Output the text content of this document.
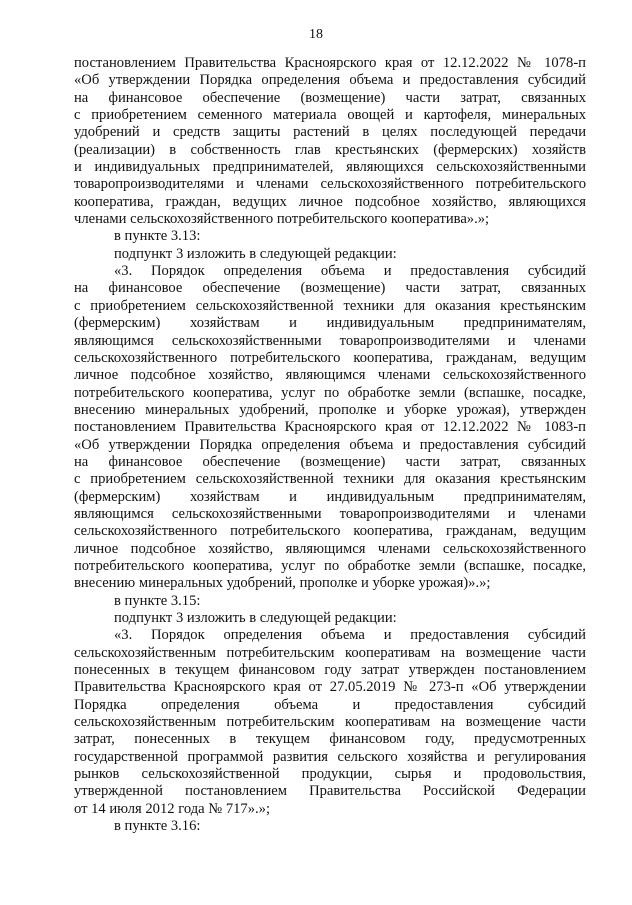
18
постановлением Правительства Красноярского края от 12.12.2022 № 1078-п
«Об утверждении Порядка определения объема и предоставления субсидий
на финансовое обеспечение (возмещение) части затрат, связанных
с приобретением семенного материала овощей и картофеля, минеральных
удобрений и средств защиты растений в целях последующей передачи
(реализации) в собственность глав крестьянских (фермерских) хозяйств
и индивидуальных предпринимателей, являющихся сельскохозяйственными
товаропроизводителями и членами сельскохозяйственного потребительского
кооператива, граждан, ведущих личное подсобное хозяйство, являющихся
членами сельскохозяйственного потребительского кооператива».»;
в пункте 3.13:
подпункт 3 изложить в следующей редакции:
«3. Порядок определения объема и предоставления субсидий
на финансовое обеспечение (возмещение) части затрат, связанных
с приобретением сельскохозяйственной техники для оказания крестьянским
(фермерским) хозяйствам и индивидуальным предпринимателям,
являющимся сельскохозяйственными товаропроизводителями и членами
сельскохозяйственного потребительского кооператива, гражданам, ведущим
личное подсобное хозяйство, являющимся членами сельскохозяйственного
потребительского кооператива, услуг по обработке земли (вспашке, посадке,
внесению минеральных удобрений, прополке и уборке урожая), утвержден
постановлением Правительства Красноярского края от 12.12.2022 № 1083-п
«Об утверждении Порядка определения объема и предоставления субсидий
на финансовое обеспечение (возмещение) части затрат, связанных
с приобретением сельскохозяйственной техники для оказания крестьянским
(фермерским) хозяйствам и индивидуальным предпринимателям,
являющимся сельскохозяйственными товаропроизводителями и членами
сельскохозяйственного потребительского кооператива, гражданам, ведущим
личное подсобное хозяйство, являющимся членами сельскохозяйственного
потребительского кооператива, услуг по обработке земли (вспашке, посадке,
внесению минеральных удобрений, прополке и уборке урожая)».»;
в пункте 3.15:
подпункт 3 изложить в следующей редакции:
«3. Порядок определения объема и предоставления субсидий
сельскохозяйственным потребительским кооперативам на возмещение части
понесенных в текущем финансовом году затрат утвержден постановлением
Правительства Красноярского края от 27.05.2019 № 273-п «Об утверждении
Порядка определения объема и предоставления субсидий
сельскохозяйственным потребительским кооперативам на возмещение части
затрат, понесенных в текущем финансовом году, предусмотренных
государственной программой развития сельского хозяйства и регулирования
рынков сельскохозяйственной продукции, сырья и продовольствия,
утвержденной постановлением Правительства Российской Федерации
от 14 июля 2012 года № 717».»;
в пункте 3.16:
